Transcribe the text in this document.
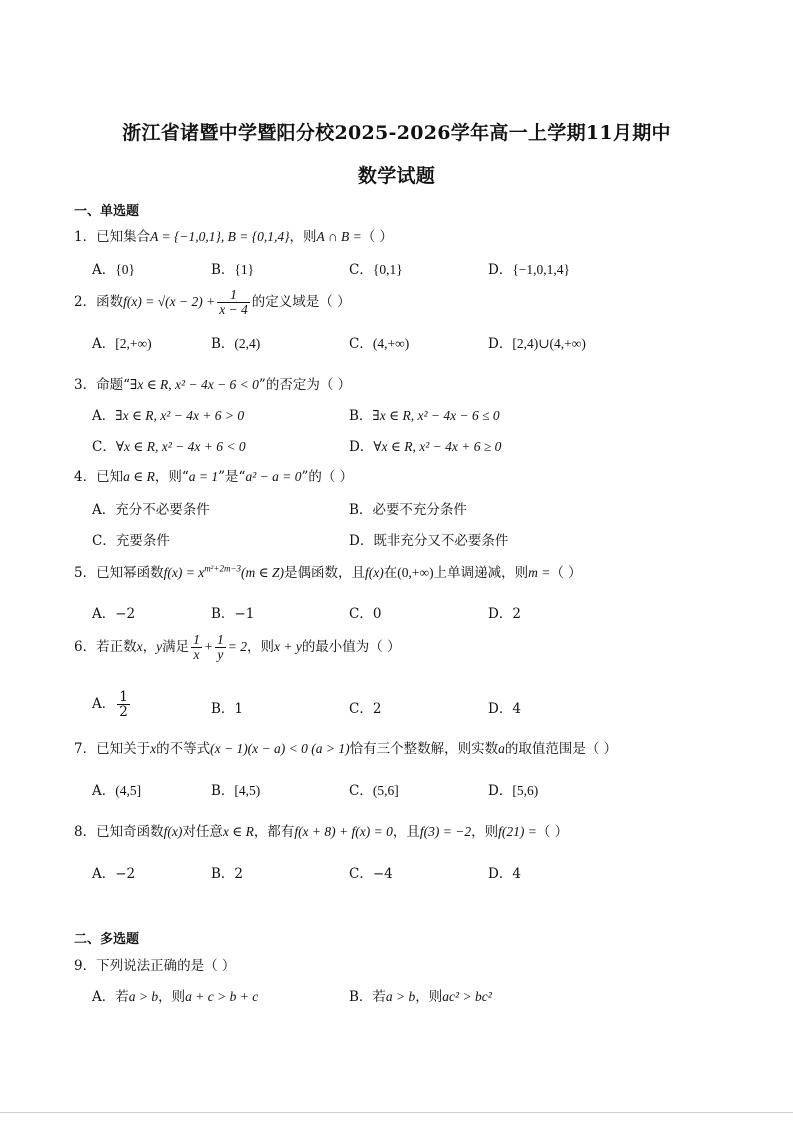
浙江省诸暨中学暨阳分校2025-2026学年高一上学期11月期中
数学试题
一、单选题
1．已知集合A = {−1,0,1}, B = {0,1,4}，则A ∩ B =（ ）
A．{0}	B．{1}	C．{0,1}	D．{−1,0,1,4}
2．函数$f(x) = √(x - 2) + \frac{1}{x - 4}$ 的定义域是（ ）
A．[2,+∞)	B．(2,4)	C．(4,+∞)	D．[2,4)∪(4,+∞)
3．命题“∃x ∈ R, x² − 4x − 6 < 0”的否定为（ ）
A．∃x ∈ R, x² − 4x + 6 > 0	B．∃x ∈ R, x² − 4x − 6 ≤ 0
C．∀x ∈ R, x² − 4x + 6 < 0	D．∀x ∈ R, x² − 4x + 6 ≥ 0
4．已知a ∈ R，则“a = 1”是“a² − a = 0”的（ ）
A．充分不必要条件	B．必要不充分条件
C．充要条件	D．既非充分又不必要条件
5．已知幂函数$f(x) = x^{m^2+2m-3}(m$ ∈ Z)是偶函数，且f(x)在(0,+∞)上单调递减，则m =（ ）
A．−2	B．−1	C．0	D．2
6．若正数x，y满足 $\frac{1}{x} + \frac{1}{y} = 2$，则x + y的最小值为（ ）
A． $\frac{1}{2}$	B．1	C．2	D．4
7．已知关于x的不等式(x − 1)(x − a) < 0 (a > 1)恰有三个整数解，则实数a的取值范围是（ ）
A．(4,5]	B．[4,5)	C．(5,6]	D．[5,6)
8．已知奇函数f(x)对任意x ∈ R，都有f(x + 8) + f(x) = 0，且f(3) = −2，则f(21) =（ ）
A．−2	B．2	C．−4	D．4
二、多选题
9．下列说法正确的是（ ）
A．若a > b，则a + c > b + c	B．若a > b，则ac² > bc²
